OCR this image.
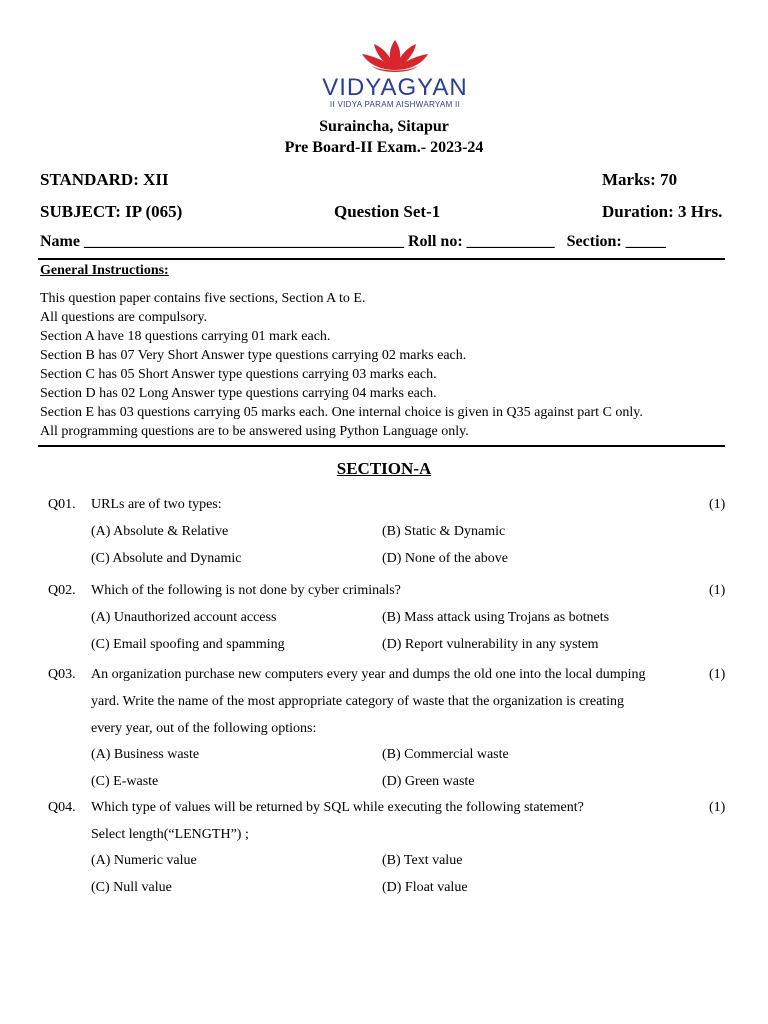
VIDYAGYAN
II VIDYA PARAM AISHWARYAM II
Suraincha, Sitapur
Pre Board-II Exam.- 2023-24
STANDARD: XII	Marks: 70
SUBJECT: IP (065)	Question Set-1	Duration: 3 Hrs.
Name ________________________________________ Roll no: ___________   Section: _____
General Instructions:
This question paper contains five sections, Section A to E.
All questions are compulsory.
Section A have 18 questions carrying 01 mark each.
Section B has 07 Very Short Answer type questions carrying 02 marks each.
Section C has 05 Short Answer type questions carrying 03 marks each.
Section D has 02 Long Answer type questions carrying 04 marks each.
Section E has 03 questions carrying 05 marks each. One internal choice is given in Q35 against part C only.
All programming questions are to be answered using Python Language only.
SECTION-A
Q01. URLs are of two types:	(1)
(A) Absolute & Relative	(B) Static & Dynamic
(C) Absolute and Dynamic	(D) None of the above
Q02. Which of the following is not done by cyber criminals?	(1)
(A) Unauthorized account access	(B) Mass attack using Trojans as botnets
(C) Email spoofing and spamming	(D) Report vulnerability in any system
Q03. An organization purchase new computers every year and dumps the old one into the local dumping	(1)
yard. Write the name of the most appropriate category of waste that the organization is creating
every year, out of the following options:
(A) Business waste	(B) Commercial waste
(C) E-waste	(D) Green waste
Q04. Which type of values will be returned by SQL while executing the following statement?	(1)
Select length(“LENGTH”) ;
(A) Numeric value	(B) Text value
(C) Null value	(D) Float value
